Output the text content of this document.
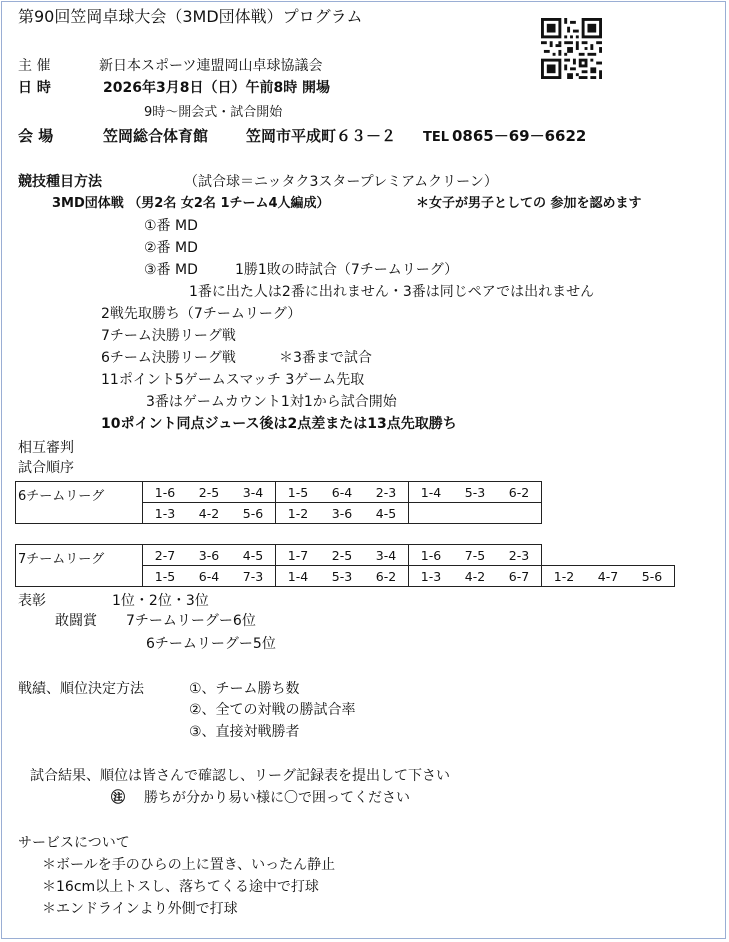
第90回笠岡卓球大会（3MD団体戦）プログラム
主 催	新日本スポーツ連盟岡山卓球協議会
日 時	2026年3月8日（日）午前8時 開場
9時〜開会式・試合開始
会 場	笠岡総合体育館	笠岡市平成町６３－２ TEL 0865－69－6622
競技種目方法	（試合球＝ニッタク3スタープレミアムクリーン）
3MD団体戦 （男2名 女2名 1チーム4人編成）	＊女子が男子としての 参加を認めます
①番 MD
②番 MD
③番 MD	1勝1敗の時試合（7チームリーグ）
1番に出た人は2番に出れません・3番は同じペアでは出れません
2戦先取勝ち（7チームリーグ）
7チーム決勝リーグ戦
6チーム決勝リーグ戦	＊3番まで試合
11ポイント5ゲームスマッチ 3ゲーム先取
3番はゲームカウント1対1から試合開始
10ポイント同点ジュース後は2点差または13点先取勝ち
相互審判
試合順序
6チームリーグ	1-6	2-5	3-4	1-5	6-4	2-3	1-4	5-3	6-2			
	1-3	4-2	5-6	1-2	3-6	4-5						

7チームリーグ	2-7	3-6	4-5	1-7	2-5	3-4	1-6	7-5	2-3			
	1-5	6-4	7-3	1-4	5-3	6-2	1-3	4-2	6-7	1-2	4-7	5-6
表彰	1位・2位・3位
敢闘賞 7チームリーグー6位
6チームリーグー5位
戦績、順位決定方法	①、チーム勝ち数
②、全ての対戦の勝試合率
③、直接対戦勝者
試合結果、順位は皆さんで確認し、リーグ記録表を提出して下さい
㊟ 勝ちが分かり易い様に〇で囲ってください
サービスについて
＊ボールを手のひらの上に置き、いったん静止
＊16cm以上トスし、落ちてくる途中で打球
＊エンドラインより外側で打球
